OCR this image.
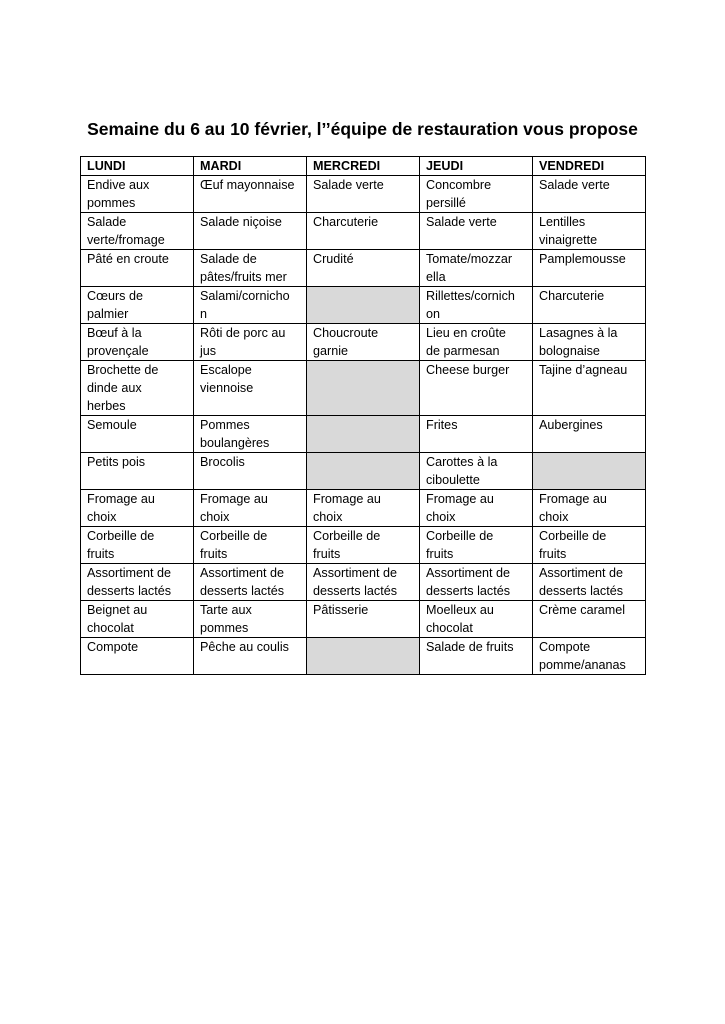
Semaine du 6 au 10 février, l’’équipe de restauration vous propose
LUNDI	MARDI	MERCREDI	JEUDI	VENDREDI

Endive aux
pommes	Œuf mayonnaise	Salade verte	Concombre
persillé	Salade verte

Salade
verte/fromage	Salade niçoise	Charcuterie	Salade verte	Lentilles
vinaigrette

Pâté en croute	Salade de
pâtes/fruits mer	Crudité	Tomate/mozzar
ella	Pamplemousse

Cœurs de
palmier	Salami/cornicho
n		Rillettes/cornich
on	Charcuterie

Bœuf à la
provençale	Rôti de porc au
jus	Choucroute
garnie	Lieu en croûte
de parmesan	Lasagnes à la
bolognaise

Brochette de
dinde aux
herbes	Escalope
viennoise		Cheese burger	Tajine d’agneau

Semoule	Pommes
boulangères		Frites	Aubergines

Petits pois	Brocolis		Carottes à la
ciboulette	

Fromage au
choix	Fromage au
choix	Fromage au
choix	Fromage au
choix	Fromage au
choix

Corbeille de
fruits	Corbeille de
fruits	Corbeille de
fruits	Corbeille de
fruits	Corbeille de
fruits

Assortiment de
desserts lactés	Assortiment de
desserts lactés	Assortiment de
desserts lactés	Assortiment de
desserts lactés	Assortiment de
desserts lactés

Beignet au
chocolat	Tarte aux
pommes	Pâtisserie	Moelleux au
chocolat	Crème caramel

Compote	Pêche au coulis		Salade de fruits	Compote
pomme/ananas
